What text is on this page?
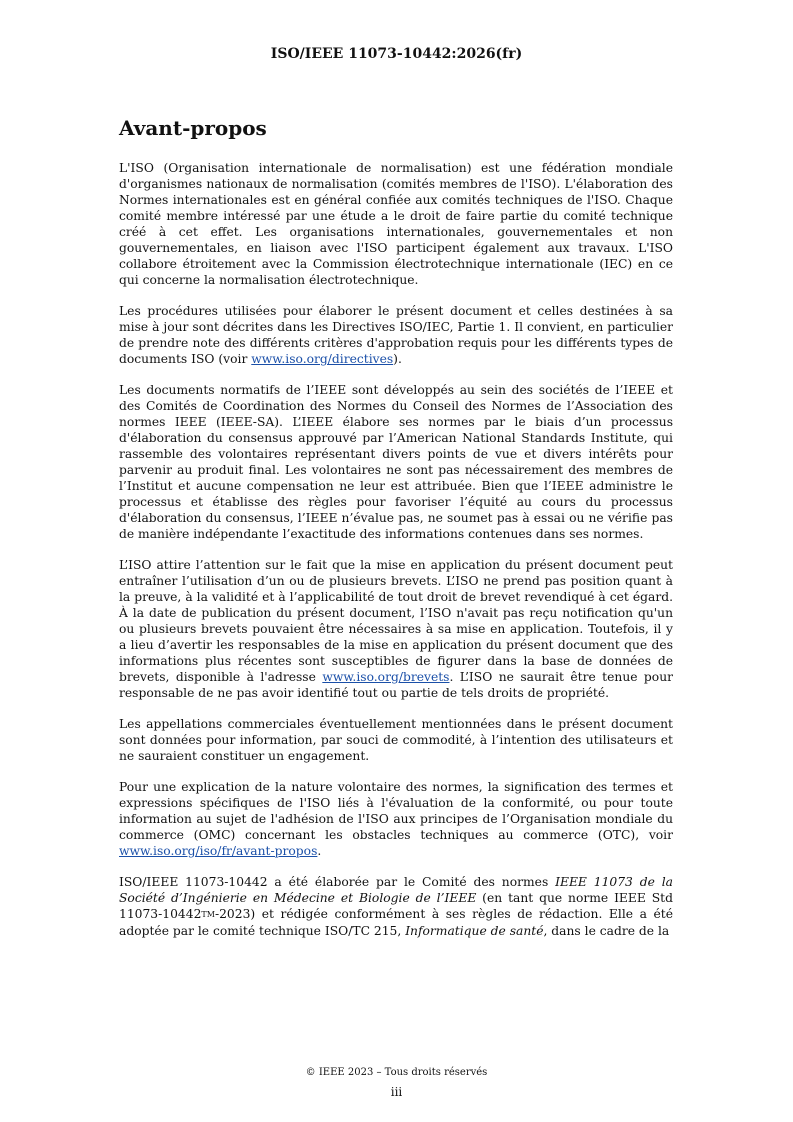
ISO/IEEE 11073-10442:2026(fr)
Avant-propos

L'ISO (Organisation internationale de normalisation) est une fédération mondiale d'organismes nationaux de normalisation (comités membres de l'ISO). L'élaboration des Normes internationales est en général confiée aux comités techniques de l'ISO. Chaque comité membre intéressé par une étude a le droit de faire partie du comité technique créé à cet effet. Les organisations internationales, gouvernementales et non gouvernementales, en liaison avec l'ISO participent également aux travaux. L'ISO collabore étroitement avec la Commission électrotechnique internationale (IEC) en ce qui concerne la normalisation électrotechnique.

Les procédures utilisées pour élaborer le présent document et celles destinées à sa mise à jour sont décrites dans les Directives ISO/IEC, Partie 1. Il convient, en particulier de prendre note des différents critères d'approbation requis pour les différents types de documents ISO (voir www.iso.org/directives).

Les documents normatifs de l’IEEE sont développés au sein des sociétés de l’IEEE et des Comités de Coordination des Normes du Conseil des Normes de l’Association des normes IEEE (IEEE-SA). L’IEEE élabore ses normes par le biais d’un processus d'élaboration du consensus approuvé par l’American National Standards Institute, qui rassemble des volontaires représentant divers points de vue et divers intérêts pour parvenir au produit final. Les volontaires ne sont pas nécessairement des membres de l’Institut et aucune compensation ne leur est attribuée. Bien que l’IEEE administre le processus et établisse des règles pour favoriser l’équité au cours du processus d'élaboration du consensus, l’IEEE n’évalue pas, ne soumet pas à essai ou ne vérifie pas de manière indépendante l’exactitude des informations contenues dans ses normes.

L’ISO attire l’attention sur le fait que la mise en application du présent document peut entraîner l’utilisation d’un ou de plusieurs brevets. L’ISO ne prend pas position quant à la preuve, à la validité et à l’applicabilité de tout droit de brevet revendiqué à cet égard. À la date de publication du présent document, l’ISO n'avait pas reçu notification qu'un ou plusieurs brevets pouvaient être nécessaires à sa mise en application. Toutefois, il y a lieu d’avertir les responsables de la mise en application du présent document que des informations plus récentes sont susceptibles de figurer dans la base de données de brevets, disponible à l'adresse www.iso.org/brevets. L’ISO ne saurait être tenue pour responsable de ne pas avoir identifié tout ou partie de tels droits de propriété.

Les appellations commerciales éventuellement mentionnées dans le présent document sont données pour information, par souci de commodité, à l’intention des utilisateurs et ne sauraient constituer un engagement.

Pour une explication de la nature volontaire des normes, la signification des termes et expressions spécifiques de l'ISO liés à l'évaluation de la conformité, ou pour toute information au sujet de l'adhésion de l'ISO aux principes de l’Organisation mondiale du commerce (OMC) concernant les obstacles techniques au commerce (OTC), voir www.iso.org/iso/fr/avant-propos.

ISO/IEEE 11073-10442 a été élaborée par le Comité des normes IEEE 11073 de la Société d’Ingénierie en Médecine et Biologie de l’IEEE (en tant que norme IEEE Std 11073-10442TM-2023) et rédigée conformément à ses règles de rédaction. Elle a été adoptée par le comité technique ISO/TC 215, Informatique de santé, dans le cadre de la

© IEEE 2023 – Tous droits réservés
iii
